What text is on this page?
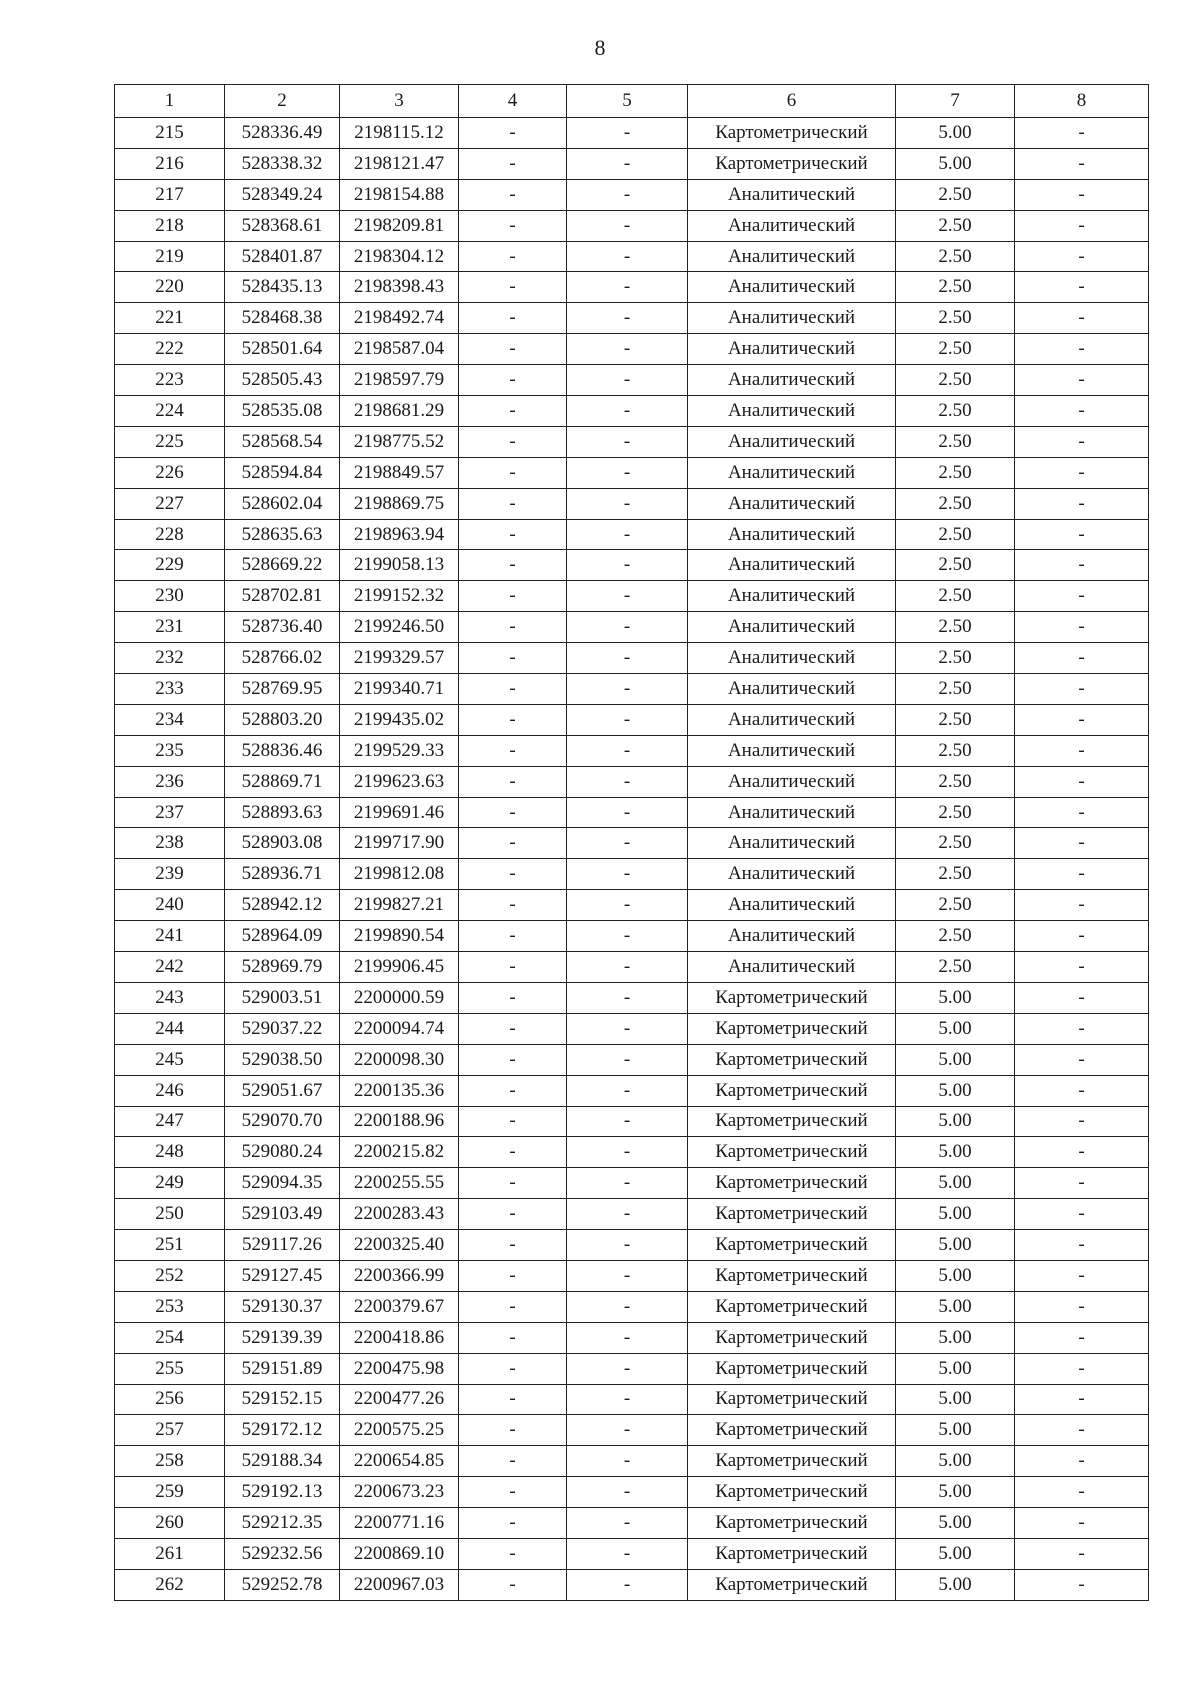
8
1	2	3	4	5	6	7	8
215	528336.49	2198115.12	-	-	Картометрический	5.00	-
216	528338.32	2198121.47	-	-	Картометрический	5.00	-
217	528349.24	2198154.88	-	-	Аналитический	2.50	-
218	528368.61	2198209.81	-	-	Аналитический	2.50	-
219	528401.87	2198304.12	-	-	Аналитический	2.50	-
220	528435.13	2198398.43	-	-	Аналитический	2.50	-
221	528468.38	2198492.74	-	-	Аналитический	2.50	-
222	528501.64	2198587.04	-	-	Аналитический	2.50	-
223	528505.43	2198597.79	-	-	Аналитический	2.50	-
224	528535.08	2198681.29	-	-	Аналитический	2.50	-
225	528568.54	2198775.52	-	-	Аналитический	2.50	-
226	528594.84	2198849.57	-	-	Аналитический	2.50	-
227	528602.04	2198869.75	-	-	Аналитический	2.50	-
228	528635.63	2198963.94	-	-	Аналитический	2.50	-
229	528669.22	2199058.13	-	-	Аналитический	2.50	-
230	528702.81	2199152.32	-	-	Аналитический	2.50	-
231	528736.40	2199246.50	-	-	Аналитический	2.50	-
232	528766.02	2199329.57	-	-	Аналитический	2.50	-
233	528769.95	2199340.71	-	-	Аналитический	2.50	-
234	528803.20	2199435.02	-	-	Аналитический	2.50	-
235	528836.46	2199529.33	-	-	Аналитический	2.50	-
236	528869.71	2199623.63	-	-	Аналитический	2.50	-
237	528893.63	2199691.46	-	-	Аналитический	2.50	-
238	528903.08	2199717.90	-	-	Аналитический	2.50	-
239	528936.71	2199812.08	-	-	Аналитический	2.50	-
240	528942.12	2199827.21	-	-	Аналитический	2.50	-
241	528964.09	2199890.54	-	-	Аналитический	2.50	-
242	528969.79	2199906.45	-	-	Аналитический	2.50	-
243	529003.51	2200000.59	-	-	Картометрический	5.00	-
244	529037.22	2200094.74	-	-	Картометрический	5.00	-
245	529038.50	2200098.30	-	-	Картометрический	5.00	-
246	529051.67	2200135.36	-	-	Картометрический	5.00	-
247	529070.70	2200188.96	-	-	Картометрический	5.00	-
248	529080.24	2200215.82	-	-	Картометрический	5.00	-
249	529094.35	2200255.55	-	-	Картометрический	5.00	-
250	529103.49	2200283.43	-	-	Картометрический	5.00	-
251	529117.26	2200325.40	-	-	Картометрический	5.00	-
252	529127.45	2200366.99	-	-	Картометрический	5.00	-
253	529130.37	2200379.67	-	-	Картометрический	5.00	-
254	529139.39	2200418.86	-	-	Картометрический	5.00	-
255	529151.89	2200475.98	-	-	Картометрический	5.00	-
256	529152.15	2200477.26	-	-	Картометрический	5.00	-
257	529172.12	2200575.25	-	-	Картометрический	5.00	-
258	529188.34	2200654.85	-	-	Картометрический	5.00	-
259	529192.13	2200673.23	-	-	Картометрический	5.00	-
260	529212.35	2200771.16	-	-	Картометрический	5.00	-
261	529232.56	2200869.10	-	-	Картометрический	5.00	-
262	529252.78	2200967.03	-	-	Картометрический	5.00	-
